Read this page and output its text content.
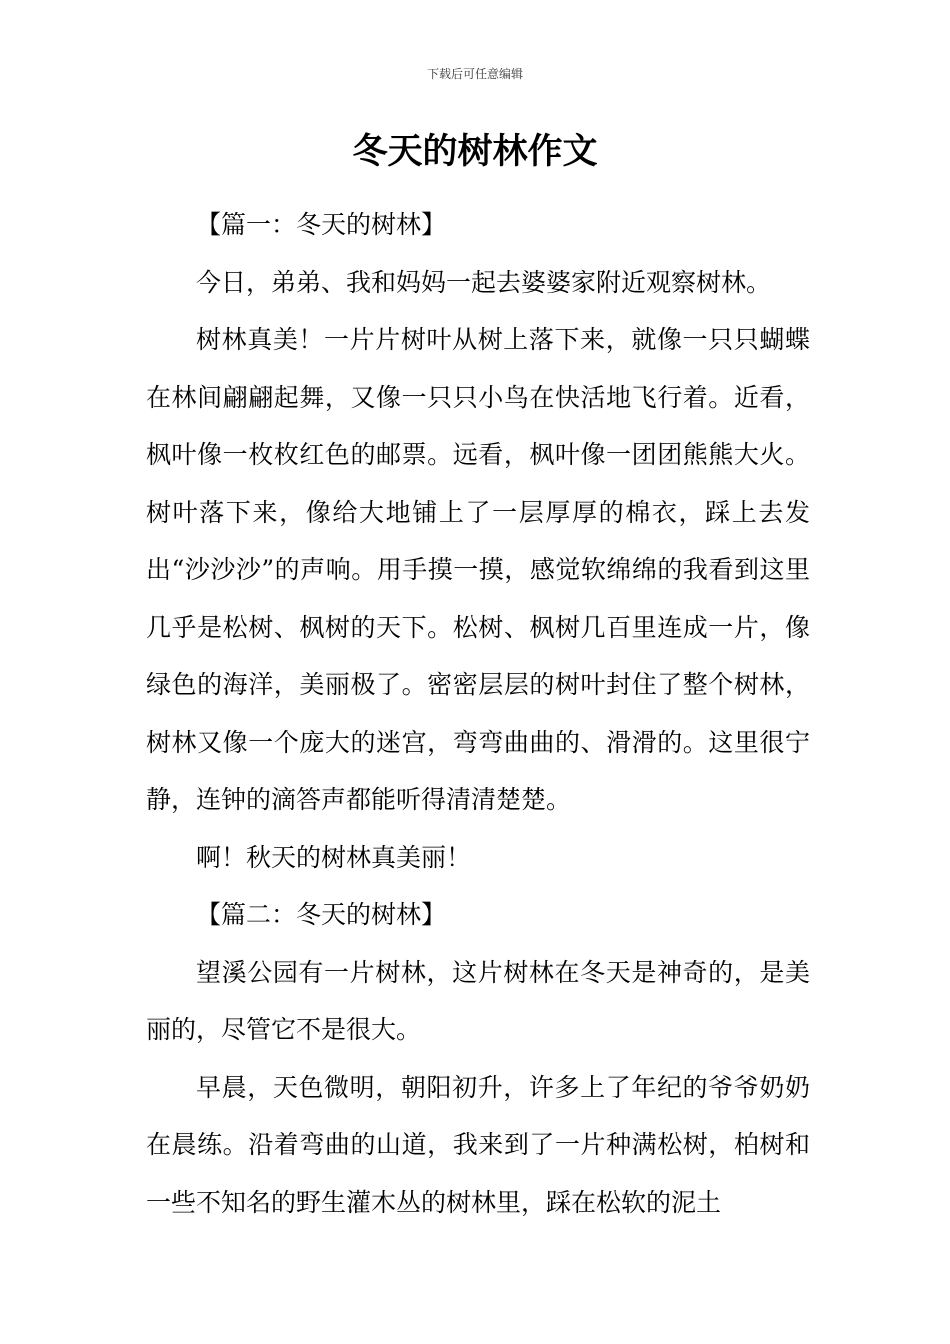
下载后可任意编辑
冬天的树林作文

【篇一：冬天的树林】

今日，弟弟、我和妈妈一起去婆婆家附近观察树林。

树林真美！一片片树叶从树上落下来，就像一只只蝴蝶在林间翩翩起舞，又像一只只小鸟在快活地飞行着。近看，枫叶像一枚枚红色的邮票。远看，枫叶像一团团熊熊大火。树叶落下来，像给大地铺上了一层厚厚的棉衣，踩上去发出“沙沙沙”的声响。用手摸一摸，感觉软绵绵的我看到这里几乎是松树、枫树的天下。松树、枫树几百里连成一片，像绿色的海洋，美丽极了。密密层层的树叶封住了整个树林，树林又像一个庞大的迷宫，弯弯曲曲的、滑滑的。这里很宁静，连钟的滴答声都能听得清清楚楚。

啊！秋天的树林真美丽！

【篇二：冬天的树林】

望溪公园有一片树林，这片树林在冬天是神奇的，是美丽的，尽管它不是很大。

早晨，天色微明，朝阳初升，许多上了年纪的爷爷奶奶在晨练。沿着弯曲的山道，我来到了一片种满松树，柏树和一些不知名的野生灌木丛的树林里，踩在松软的泥土
